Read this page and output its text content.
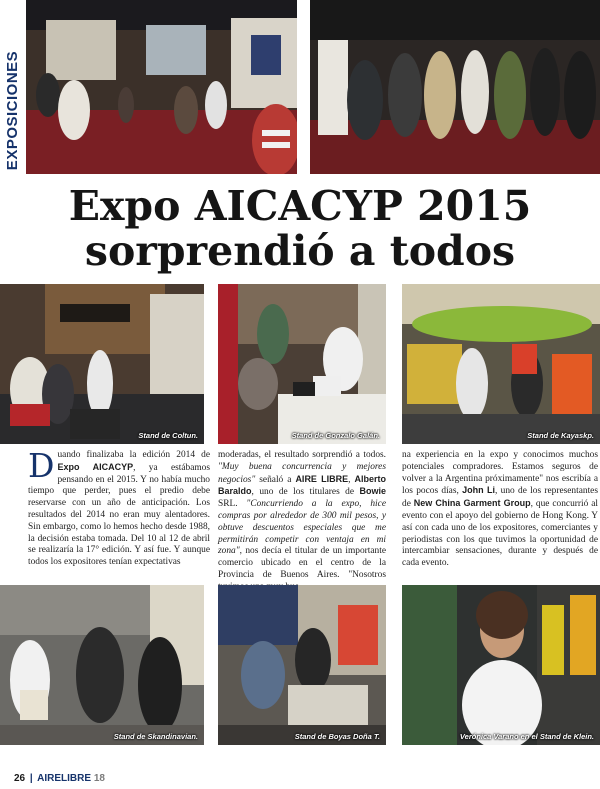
EXPOSICIONES
Expo AICACYP 2015
sorprendió a todos
Stand de Coltun.	Stand de Gonzalo Galán.	Stand de Kayaskp.

Duando finalizaba la edición 2014 de Expo AICACYP, ya estábamos pensando en el 2015. Y no había mucho tiempo que perder, pues el predio debe reservarse con un año de anticipación. Los resultados del 2014 no eran muy alentadores. Sin embargo, como lo hemos hecho desde 1988, la decisión estaba tomada. Del 10 al 12 de abril se realizaría la 17° edición. Y así fue. Y aunque todos los expositores tenían expectativas

moderadas, el resultado sorprendió a todos. "Muy buena concurrencia y mejores negocios" señaló a AIRE LIBRE, Alberto Baraldo, uno de los titulares de Bowie SRL. "Concurriendo a la expo, hice compras por alrededor de 300 mil pesos, y obtuve descuentos especiales que me permitirán competir con ventaja en mi zona", nos decía el titular de un importante comercio ubicado en el centro de la Provincia de Buenos Aires. "Nosotros

na experiencia en la expo y conocimos muchos potenciales compradores. Estamos seguros de volver a la Argentina próximamente" nos escribía a los pocos días, John Li, uno de los representantes de New China Garment Group, que concurrió al evento con el apoyo del gobierno de Hong Kong. Y así con cada uno de los expositores, comerciantes y periodistas con los que tuvimos la oportunidad de intercambiar sensaciones, durante y después de cada evento.

Stand de Skandinavian.	Stand de Boyas Doña T.	Verónica Varano en el Stand de Klein.
26 | AIRELIBRE 18
